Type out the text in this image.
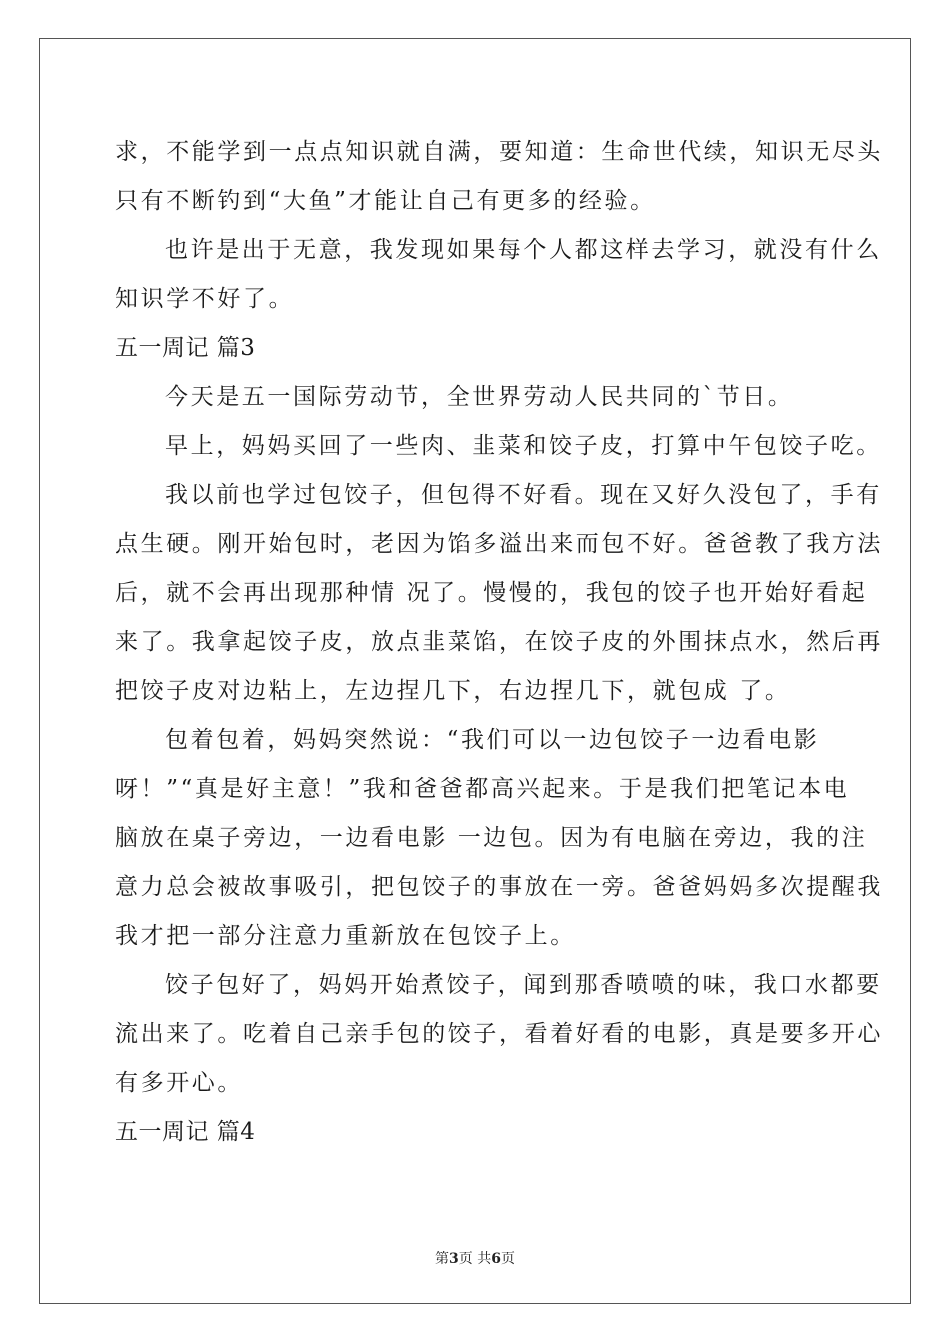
求，不能学到一点点知识就自满，要知道：生命世代续，知识无尽头
只有不断钓到“大鱼”才能让自己有更多的经验。
也许是出于无意，我发现如果每个人都这样去学习，就没有什么
知识学不好了。
五一周记 篇3
今天是五一国际劳动节，全世界劳动人民共同的`节日。
早上，妈妈买回了一些肉、韭菜和饺子皮，打算中午包饺子吃。
我以前也学过包饺子，但包得不好看。现在又好久没包了，手有
点生硬。刚开始包时，老因为馅多溢出来而包不好。爸爸教了我方法
后，就不会再出现那种情 况了。慢慢的，我包的饺子也开始好看起
来了。我拿起饺子皮，放点韭菜馅，在饺子皮的外围抹点水，然后再
把饺子皮对边粘上，左边捏几下，右边捏几下，就包成 了。
包着包着，妈妈突然说：“我们可以一边包饺子一边看电影
呀！”“真是好主意！”我和爸爸都高兴起来。于是我们把笔记本电
脑放在桌子旁边，一边看电影 一边包。因为有电脑在旁边，我的注
意力总会被故事吸引，把包饺子的事放在一旁。爸爸妈妈多次提醒我
我才把一部分注意力重新放在包饺子上。
饺子包好了，妈妈开始煮饺子，闻到那香喷喷的味，我口水都要
流出来了。吃着自己亲手包的饺子，看着好看的电影，真是要多开心
有多开心。
五一周记 篇4
第3页 共6页
